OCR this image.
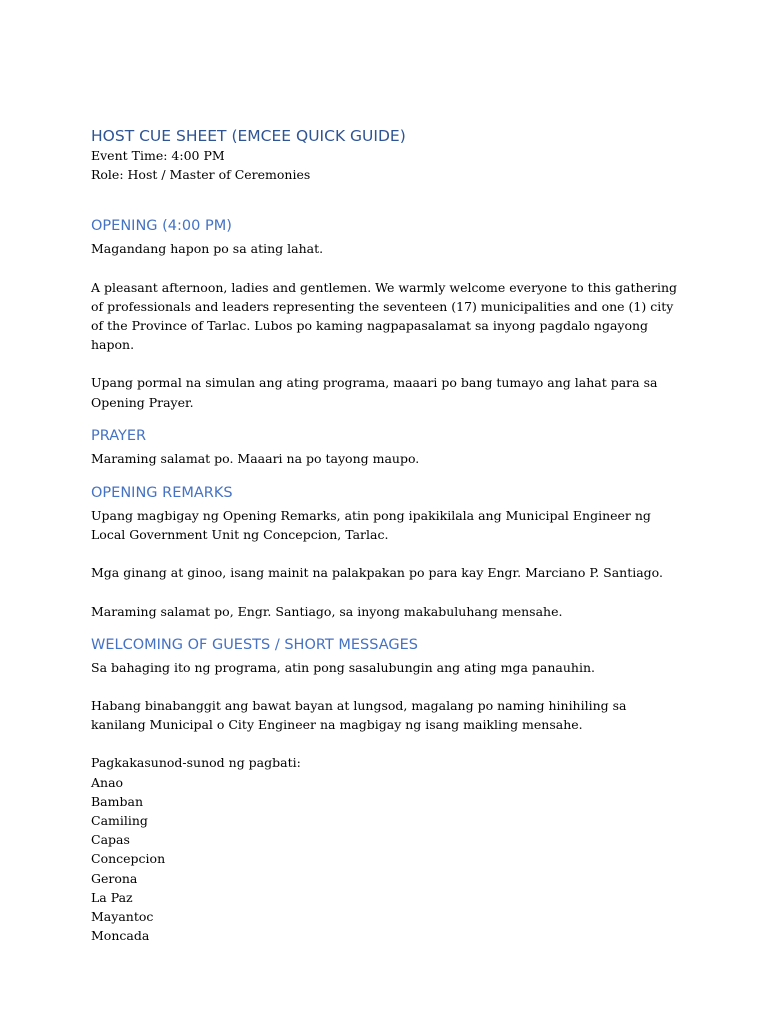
HOST CUE SHEET (EMCEE QUICK GUIDE)

Event Time: 4:00 PM

Role: Host / Master of Ceremonies

OPENING (4:00 PM)

Magandang hapon po sa ating lahat.

A pleasant afternoon, ladies and gentlemen. We warmly welcome everyone to this gathering of professionals and leaders representing the seventeen (17) municipalities and one (1) city of the Province of Tarlac. Lubos po kaming nagpapasalamat sa inyong pagdalo ngayong hapon.

Upang pormal na simulan ang ating programa, maaari po bang tumayo ang lahat para sa Opening Prayer.

PRAYER

Maraming salamat po. Maaari na po tayong maupo.

OPENING REMARKS

Upang magbigay ng Opening Remarks, atin pong ipakikilala ang Municipal Engineer ng Local Government Unit ng Concepcion, Tarlac.

Mga ginang at ginoo, isang mainit na palakpakan po para kay Engr. Marciano P. Santiago.

Maraming salamat po, Engr. Santiago, sa inyong makabuluhang mensahe.

WELCOMING OF GUESTS / SHORT MESSAGES

Sa bahaging ito ng programa, atin pong sasalubungin ang ating mga panauhin.

Habang binabanggit ang bawat bayan at lungsod, magalang po naming hinihiling sa kanilang Municipal o City Engineer na magbigay ng isang maikling mensahe.

Pagkakasunod-sunod ng pagbati:

Anao

Bamban

Camiling

Capas

Concepcion

Gerona

La Paz

Mayantoc

Moncada
